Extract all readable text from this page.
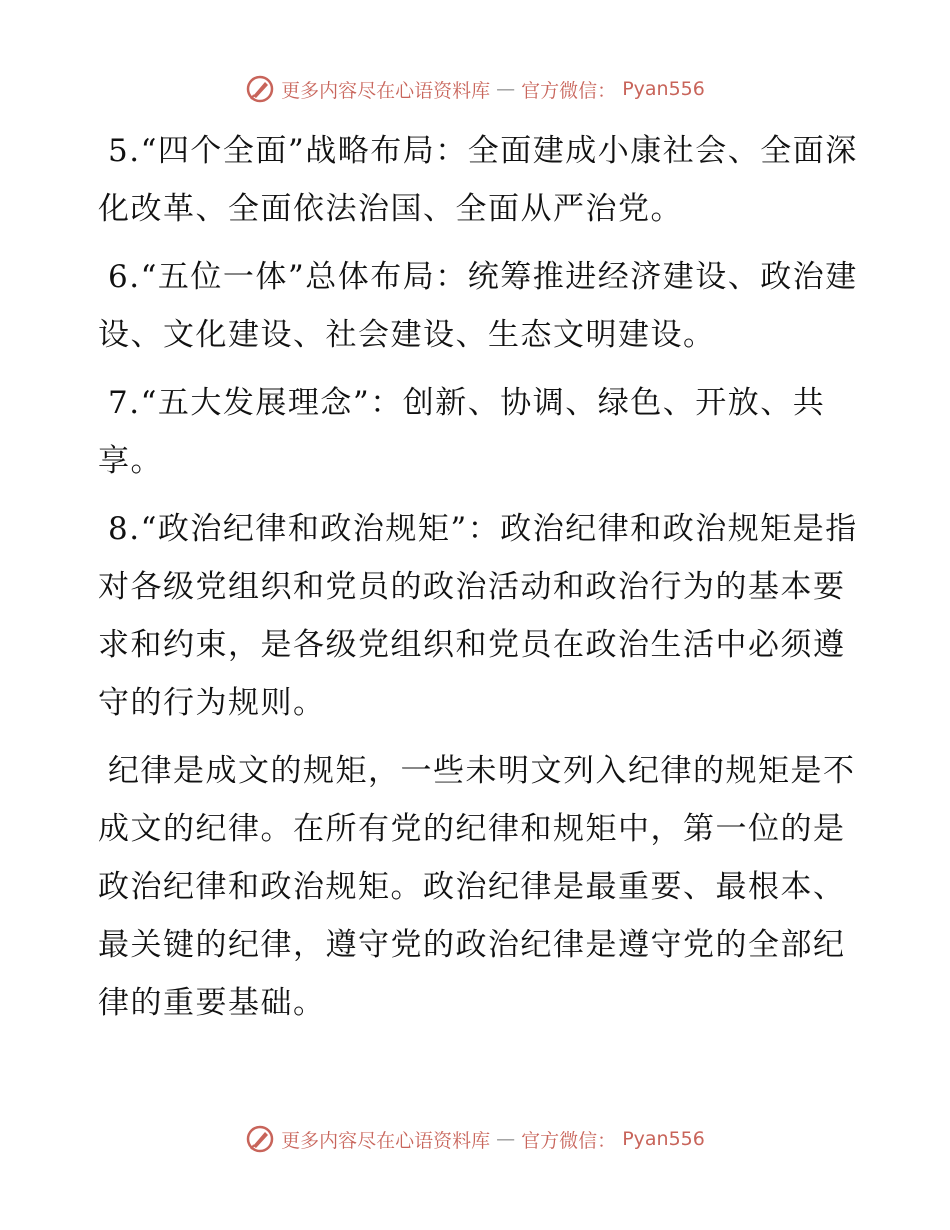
更多内容尽在心语资料库 — 官方微信： Pyan556

5.“四个全面”战略布局：全面建成小康社会、全面深化改革、全面依法治国、全面从严治党。

6.“五位一体”总体布局：统筹推进经济建设、政治建设、文化建设、社会建设、生态文明建设。

7.“五大发展理念”：创新、协调、绿色、开放、共享。

8.“政治纪律和政治规矩”：政治纪律和政治规矩是指对各级党组织和党员的政治活动和政治行为的基本要求和约束，是各级党组织和党员在政治生活中必须遵守的行为规则。

纪律是成文的规矩，一些未明文列入纪律的规矩是不成文的纪律。在所有党的纪律和规矩中，第一位的是政治纪律和政治规矩。政治纪律是最重要、最根本、最关键的纪律，遵守党的政治纪律是遵守党的全部纪律的重要基础。

更多内容尽在心语资料库 — 官方微信： Pyan556
